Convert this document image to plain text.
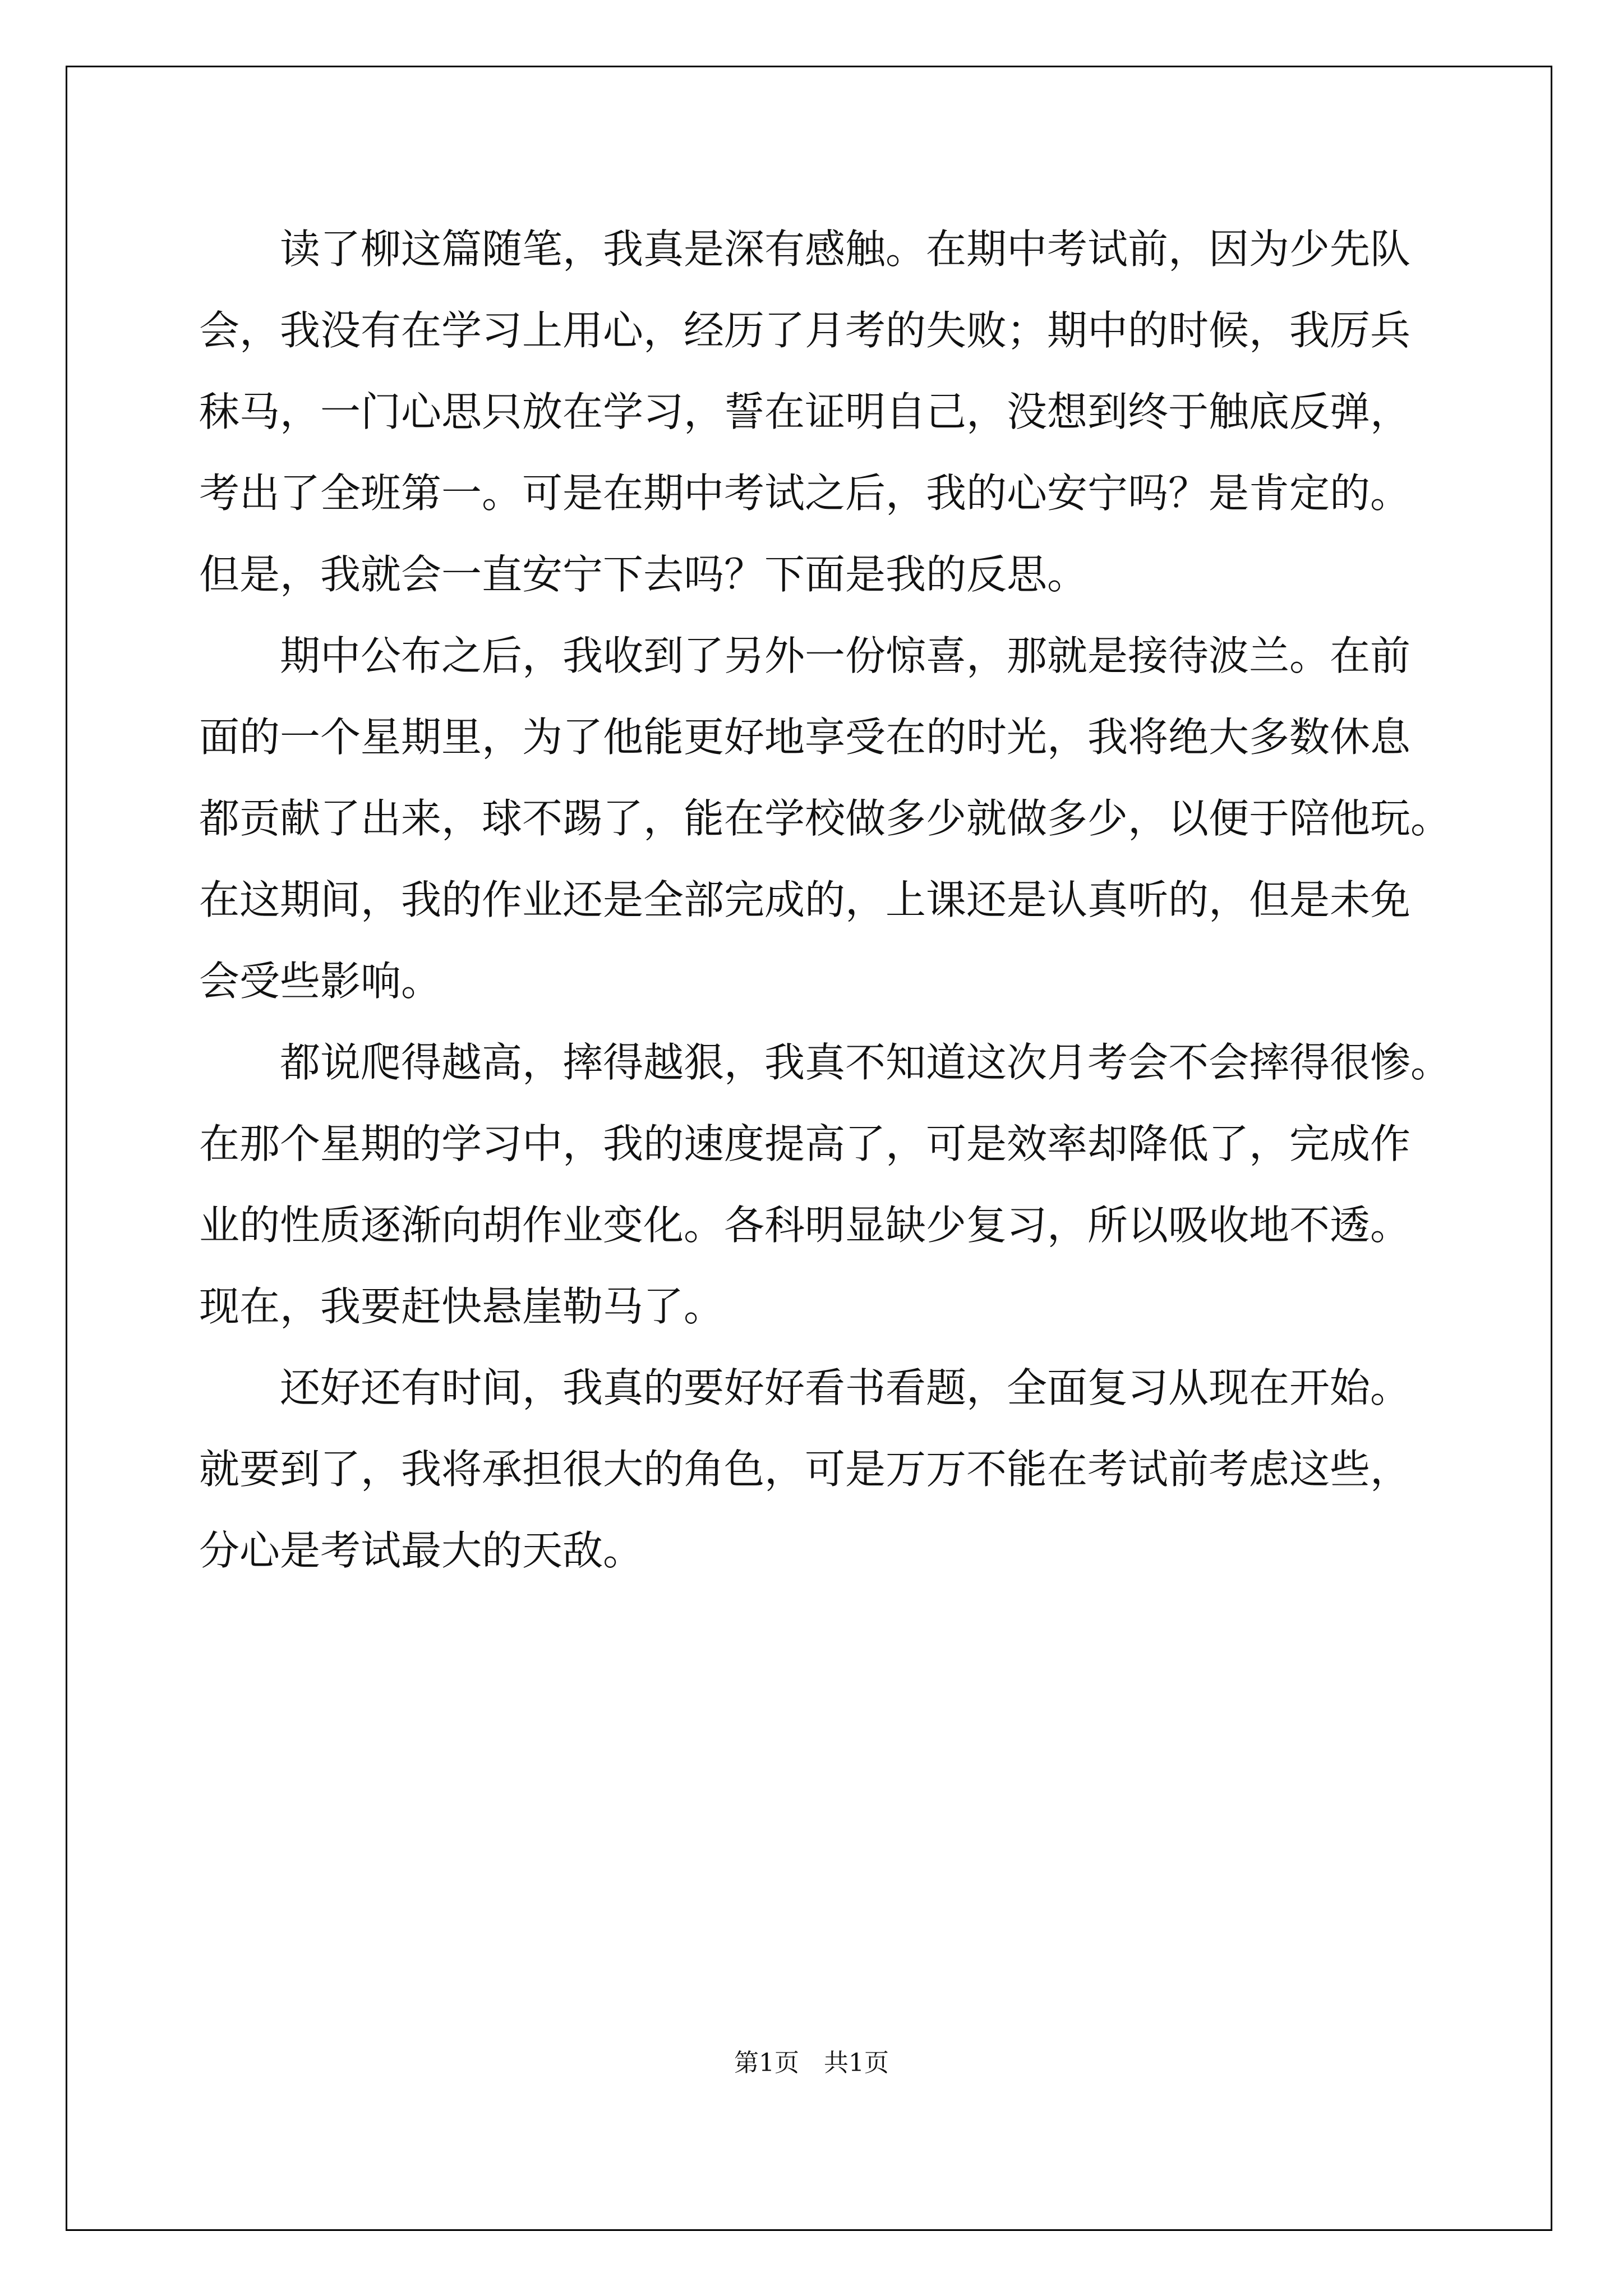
　　读了柳这篇随笔，我真是深有感触。在期中考试前，因为少先队
会，我没有在学习上用心，经历了月考的失败；期中的时候，我厉兵
秣马，一门心思只放在学习，誓在证明自己，没想到终于触底反弹，
考出了全班第一。可是在期中考试之后，我的心安宁吗？是肯定的。
但是，我就会一直安宁下去吗？下面是我的反思。
　　期中公布之后，我收到了另外一份惊喜，那就是接待波兰。在前
面的一个星期里，为了他能更好地享受在的时光，我将绝大多数休息
都贡献了出来，球不踢了，能在学校做多少就做多少，以便于陪他玩。
在这期间，我的作业还是全部完成的，上课还是认真听的，但是未免
会受些影响。
　　都说爬得越高，摔得越狠，我真不知道这次月考会不会摔得很惨。
在那个星期的学习中，我的速度提高了，可是效率却降低了，完成作
业的性质逐渐向胡作业变化。各科明显缺少复习，所以吸收地不透。
现在，我要赶快悬崖勒马了。
　　还好还有时间，我真的要好好看书看题，全面复习从现在开始。
就要到了，我将承担很大的角色，可是万万不能在考试前考虑这些，
分心是考试最大的天敌。
第1页　共1页
